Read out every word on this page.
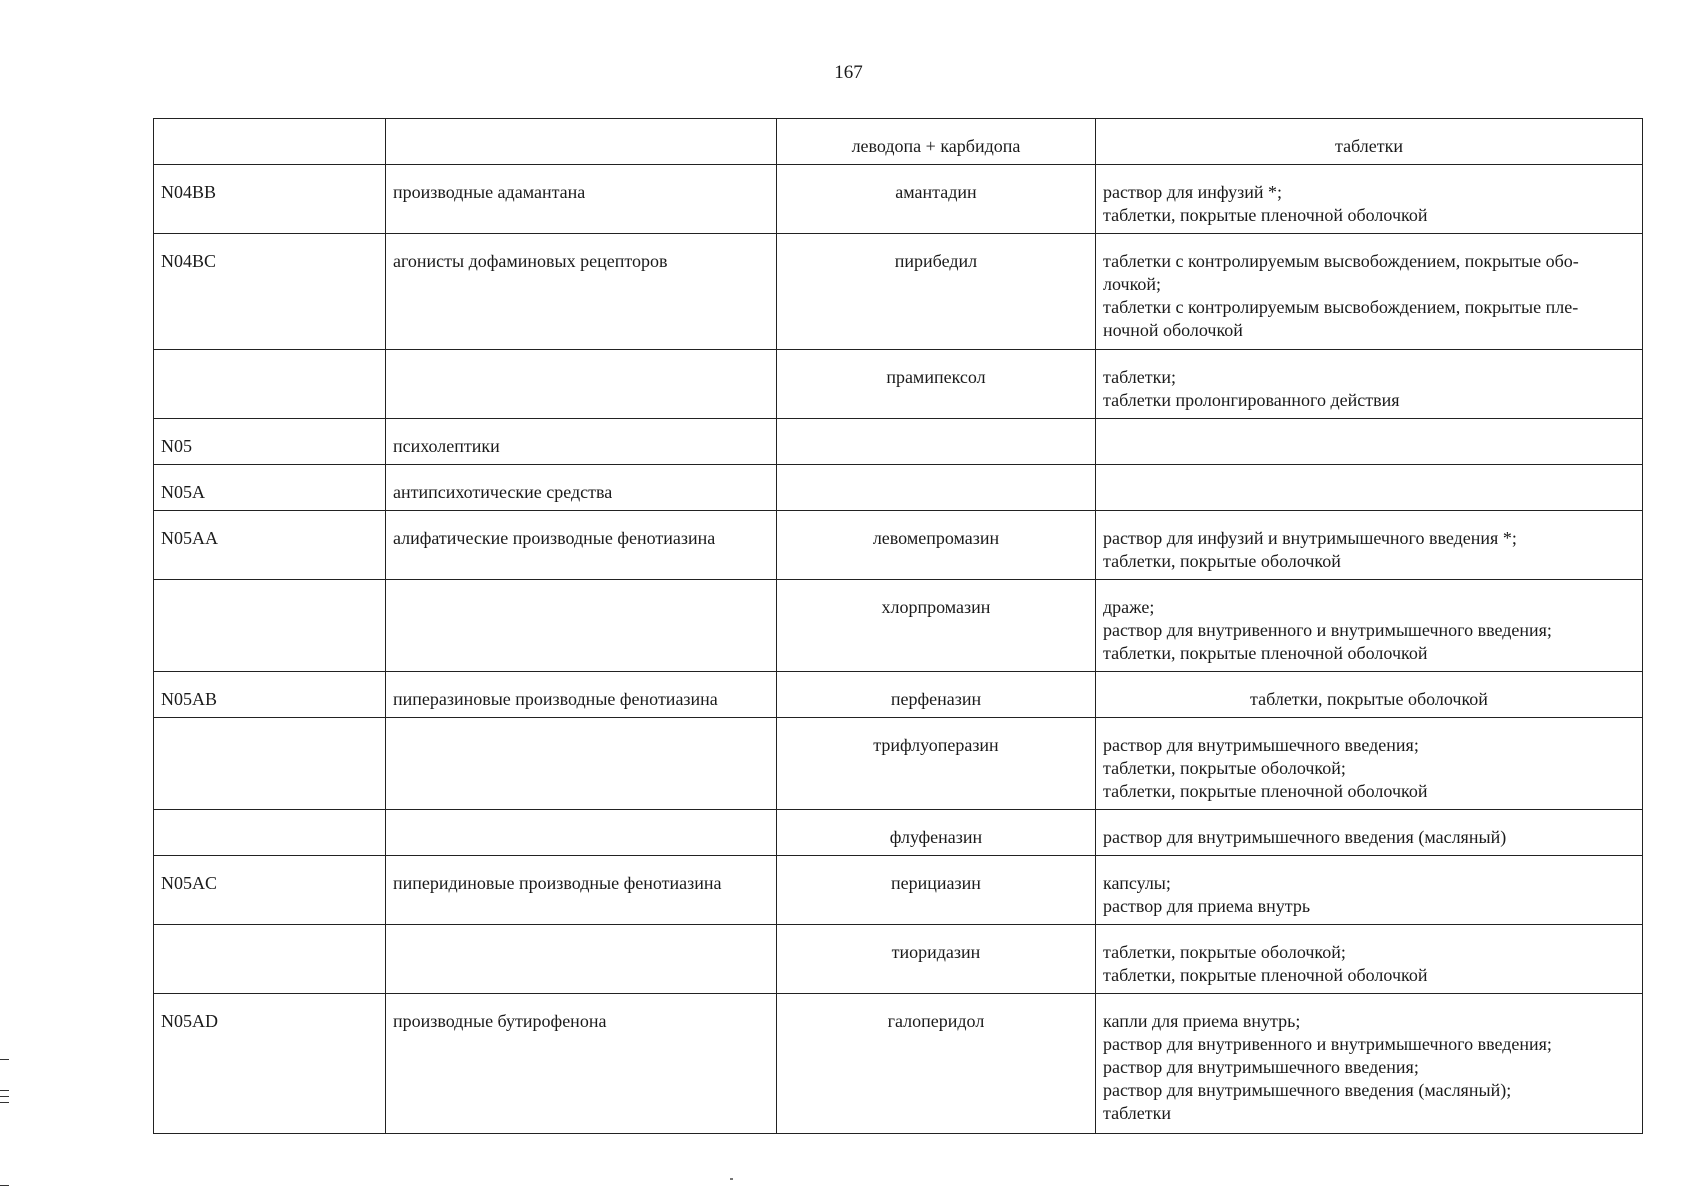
167
		леводопа + карбидопа	таблетки

N04BB	производные адамантана	амантадин	раствор для инфузий *;
таблетки, покрытые пленочной оболочкой

N04BC	агонисты дофаминовых рецепторов	пирибедил	таблетки с контролируемым высвобождением, покрытые обо-
лочкой;
таблетки с контролируемым высвобождением, покрытые пле-
ночной оболочкой

		прамипексол	таблетки;
таблетки пролонгированного действия

N05	психолептики		
N05A	антипсихотические средства		
N05AA	алифатические производные фенотиазина	левомепромазин	раствор для инфузий и внутримышечного введения *;
таблетки, покрытые оболочкой

		хлорпромазин	драже;
раствор для внутривенного и внутримышечного введения;
таблетки, покрытые пленочной оболочкой

N05AB	пиперазиновые производные фенотиазина	перфеназин	таблетки, покрытые оболочкой

		трифлуоперазин	раствор для внутримышечного введения;
таблетки, покрытые оболочкой;
таблетки, покрытые пленочной оболочкой

		флуфеназин	раствор для внутримышечного введения (масляный)

N05AC	пиперидиновые производные фенотиазина	перициазин	капсулы;
раствор для приема внутрь

		тиоридазин	таблетки, покрытые оболочкой;
таблетки, покрытые пленочной оболочкой

N05AD	производные бутирофенона	галоперидол	капли для приема внутрь;
раствор для внутривенного и внутримышечного введения;
раствор для внутримышечного введения;
раствор для внутримышечного введения (масляный);
таблетки
